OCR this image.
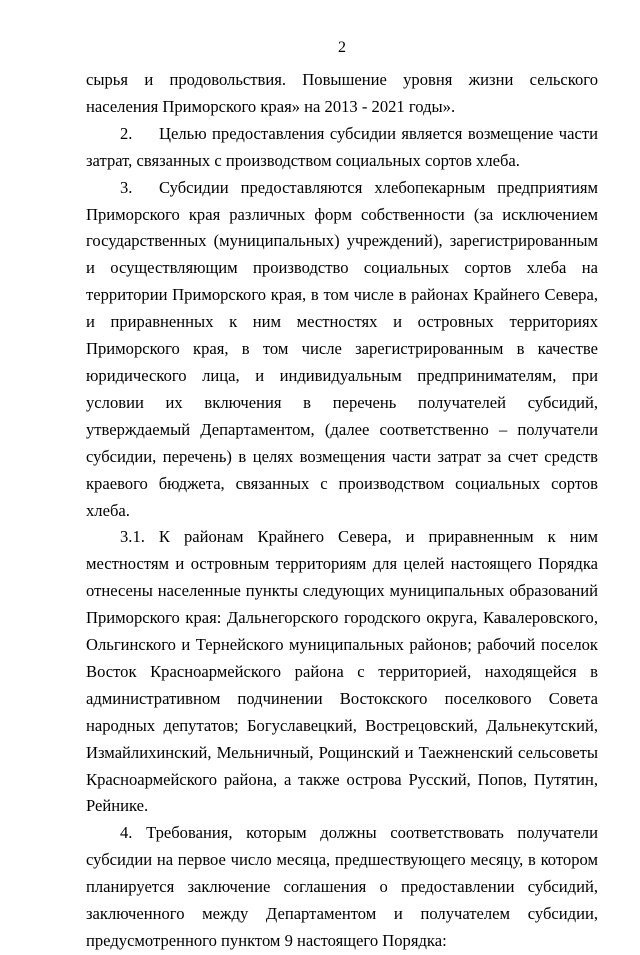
2

сырья и продовольствия. Повышение уровня жизни сельского населения Приморского края» на 2013 - 2021 годы».

2. Целью предоставления субсидии является возмещение части затрат, связанных с производством социальных сортов хлеба.

3. Субсидии предоставляются хлебопекарным предприятиям Приморского края различных форм собственности (за исключением государственных (муниципальных) учреждений), зарегистрированным и осуществляющим производство социальных сортов хлеба на территории Приморского края, в том числе в районах Крайнего Севера, и приравненных к ним местностях и островных территориях Приморского края, в том числе зарегистрированным в качестве юридического лица, и индивидуальным предпринимателям, при условии их включения в перечень получателей субсидий, утверждаемый Департаментом, (далее соответственно – получатели субсидии, перечень) в целях возмещения части затрат за счет средств краевого бюджета, связанных с производством социальных сортов хлеба.

3.1. К районам Крайнего Севера, и приравненным к ним местностям и островным территориям для целей настоящего Порядка отнесены населенные пункты следующих муниципальных образований Приморского края: Дальнегорского городского округа, Кавалеровского, Ольгинского и Тернейского муниципальных районов; рабочий поселок Восток Красноармейского района с территорией, находящейся в административном подчинении Востокского поселкового Совета народных депутатов; Богуславецкий, Вострецовский, Дальнекутский, Измайлихинский, Мельничный, Рощинский и Таежненский сельсоветы Красноармейского района, а также острова Русский, Попов, Путятин, Рейнике.

4. Требования, которым должны соответствовать получатели субсидии на первое число месяца, предшествующего месяцу, в котором планируется заключение соглашения о предоставлении субсидий, заключенного между Департаментом и получателем субсидии, предусмотренного пунктом 9 настоящего Порядка:
